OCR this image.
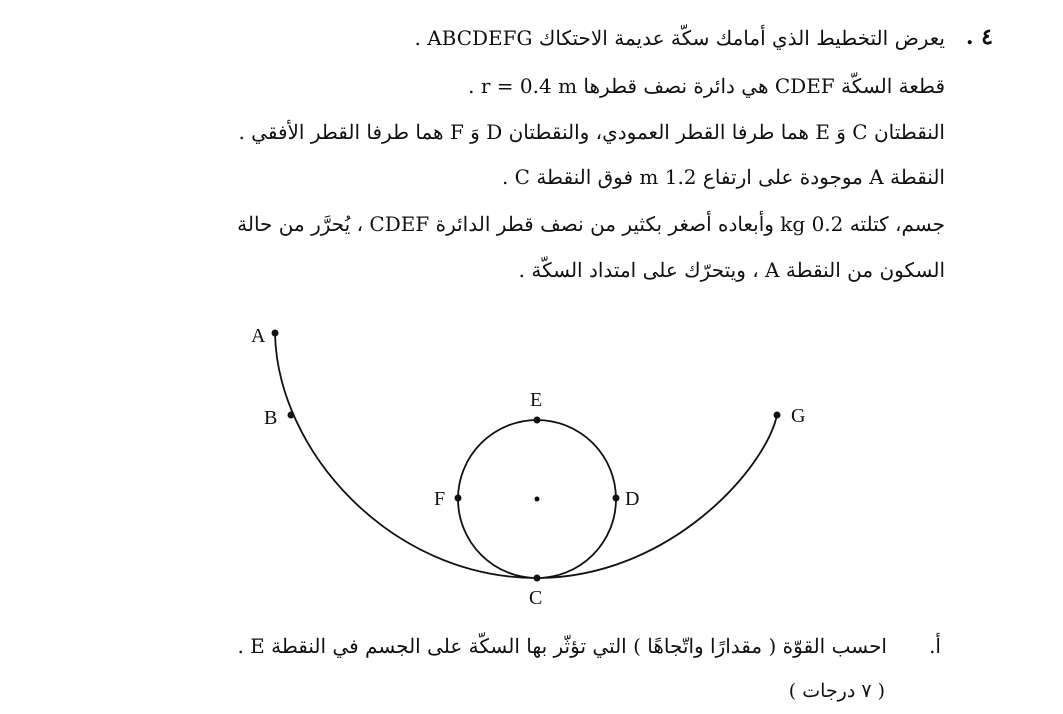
٤ .
يعرض التخطيط الذي أمامك سكّة عديمة الاحتكاك ABCDEFG .
قطعة السكّة CDEF هي دائرة نصف قطرها r = 0.4 m .
النقطتان C وَ E هما طرفا القطر العمودي، والنقطتان D وَ F هما طرفا القطر الأفقي .
النقطة A موجودة على ارتفاع 1.2 m فوق النقطة C .
جسم، كتلته 0.2 kg وأبعاده أصغر بكثير من نصف قطر الدائرة CDEF ، يُحرَّر من حالة
السكون من النقطة A ، ويتحرّك على امتداد السكّة .
A
B
C
D
E
F
G
أ.
احسب القوّة ( مقدارًا واتّجاهًا ) التي تؤثّر بها السكّة على الجسم في النقطة E .
( ٧ درجات )
